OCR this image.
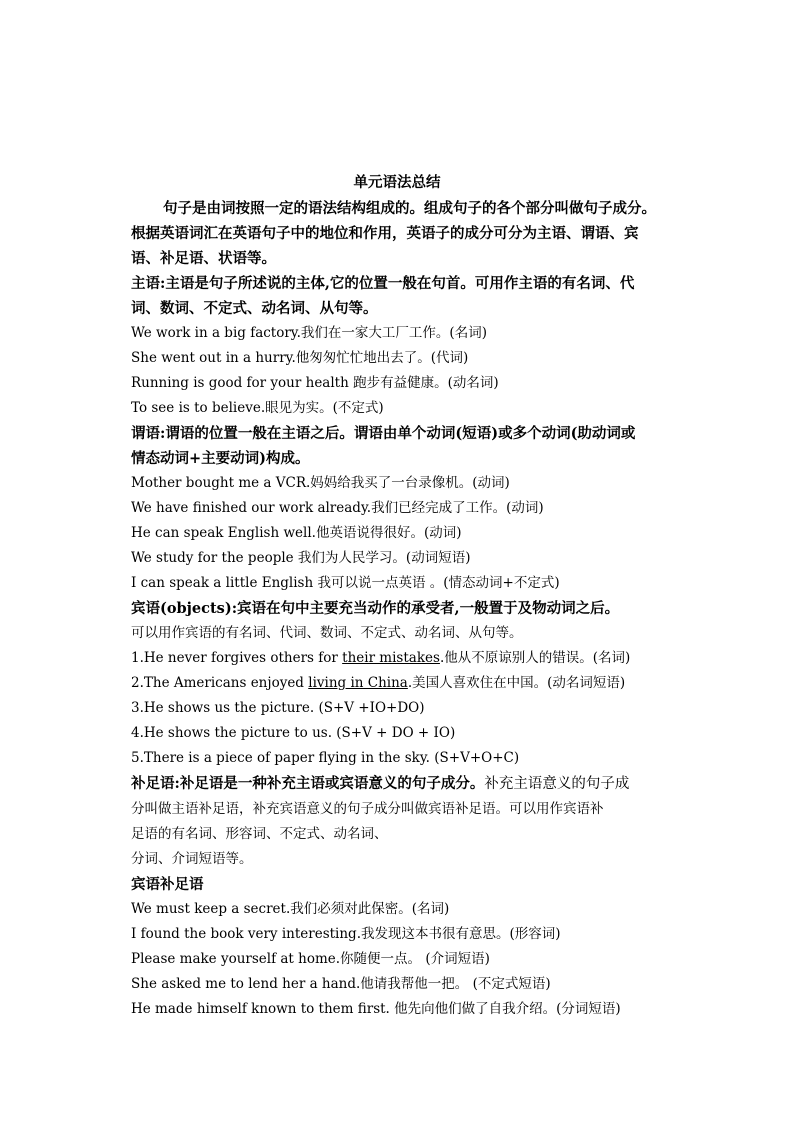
单元语法总结
句子是由词按照一定的语法结构组成的。组成句子的各个部分叫做句子成分。
根据英语词汇在英语句子中的地位和作用，英语子的成分可分为主语、谓语、宾
语、补足语、状语等。
主语:主语是句子所述说的主体,它的位置一般在句首。可用作主语的有名词、代
词、数词、不定式、动名词、从句等。
We work in a big factory.我们在一家大工厂工作。(名词)
She went out in a hurry.他匆匆忙忙地出去了。(代词)
Running is good for your health 跑步有益健康。(动名词)
To see is to believe.眼见为实。(不定式)
谓语:谓语的位置一般在主语之后。谓语由单个动词(短语)或多个动词(助动词或
情态动词+主要动词)构成。
Mother bought me a VCR.妈妈给我买了一台录像机。(动词)
We have finished our work already.我们已经完成了工作。(动词)
He can speak English well.他英语说得很好。(动词)
We study for the people 我们为人民学习。(动词短语)
I can speak a little English 我可以说一点英语 。(情态动词+不定式)
宾语(objects):宾语在句中主要充当动作的承受者,一般置于及物动词之后。
可以用作宾语的有名词、代词、数词、不定式、动名词、从句等。
1.He never forgives others for their mistakes.他从不原谅别人的错误。(名词)
2.The Americans enjoyed living in China.美国人喜欢住在中国。(动名词短语)
3.He shows us the picture. (S+V +IO+DO)
4.He shows the picture to us. (S+V + DO + IO)
5.There is a piece of paper flying in the sky. (S+V+O+C)
补足语:补足语是一种补充主语或宾语意义的句子成分。补充主语意义的句子成
分叫做主语补足语，补充宾语意义的句子成分叫做宾语补足语。可以用作宾语补
足语的有名词、形容词、不定式、动名词、
分词、介词短语等。
宾语补足语
We must keep a secret.我们必须对此保密。(名词)
I found the book very interesting.我发现这本书很有意思。(形容词)
Please make yourself at home.你随便一点。 (介词短语)
She asked me to lend her a hand.他请我帮他一把。 (不定式短语)
He made himself known to them first. 他先向他们做了自我介绍。(分词短语)
